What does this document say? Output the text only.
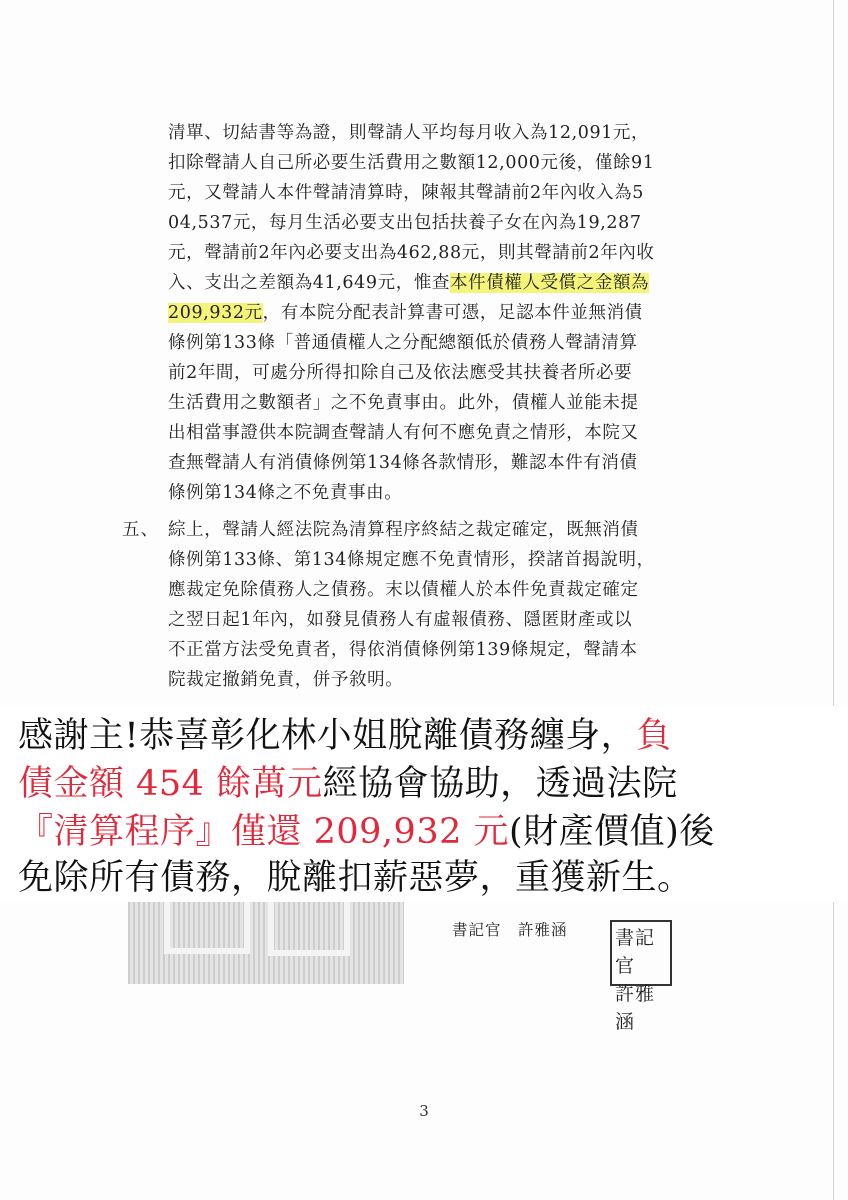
清單、切結書等為證，則聲請人平均每月收入為12,091元，
扣除聲請人自己所必要生活費用之數額12,000元後，僅餘91
元，又聲請人本件聲請清算時，陳報其聲請前2年內收入為5
04,537元，每月生活必要支出包括扶養子女在內為19,287
元，聲請前2年內必要支出為462,88元，則其聲請前2年內收
入、支出之差額為41,649元，惟查本件債權人受償之金額為
209,932元，有本院分配表計算書可憑，足認本件並無消債
條例第133條「普通債權人之分配總額低於債務人聲請清算
前2年間，可處分所得扣除自己及依法應受其扶養者所必要
生活費用之數額者」之不免責事由。此外，債權人並能未提
出相當事證供本院調查聲請人有何不應免責之情形，本院又
查無聲請人有消債條例第134條各款情形，難認本件有消債
條例第134條之不免責事由。
五、 綜上，聲請人經法院為清算程序終結之裁定確定，既無消債
條例第133條、第134條規定應不免責情形，揆諸首揭說明，
應裁定免除債務人之債務。末以債權人於本件免責裁定確定
之翌日起1年內，如發見債務人有虛報債務、隱匿財產或以
不正當方法受免責者，得依消債條例第139條規定，聲請本
院裁定撤銷免責，併予敘明。
感謝主!恭喜彰化林小姐脫離債務纏身，負
債金額 454 餘萬元經協會協助，透過法院
『清算程序』僅還 209,932 元(財產價值)後
免除所有債務，脫離扣薪惡夢，重獲新生。
書記官　許雅涵 書記官
許雅涵
3
